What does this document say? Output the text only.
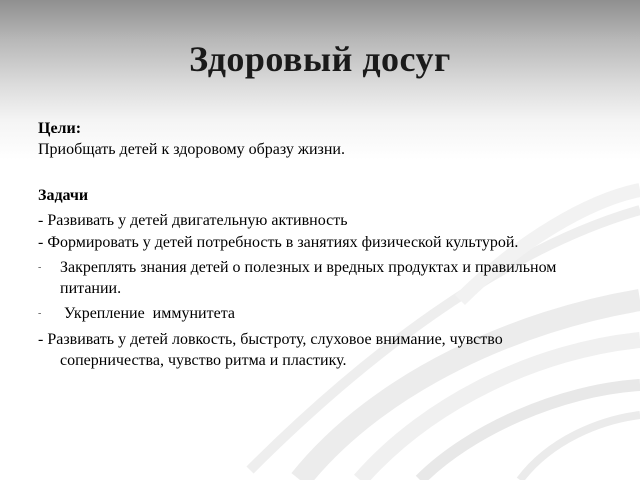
Здоровый досуг

Цели:

Приобщать детей к здоровому образу жизни.

Задачи

- Развивать у детей двигательную активность

- Формировать у детей потребность в занятиях физической культурой.

-	Закреплять знания детей о полезных и вредных продуктах и правильном питании.
-	Укрепление  иммунитета

- Развивать у детей ловкость, быстроту, слуховое внимание, чувство соперничества, чувство ритма и пластику.
